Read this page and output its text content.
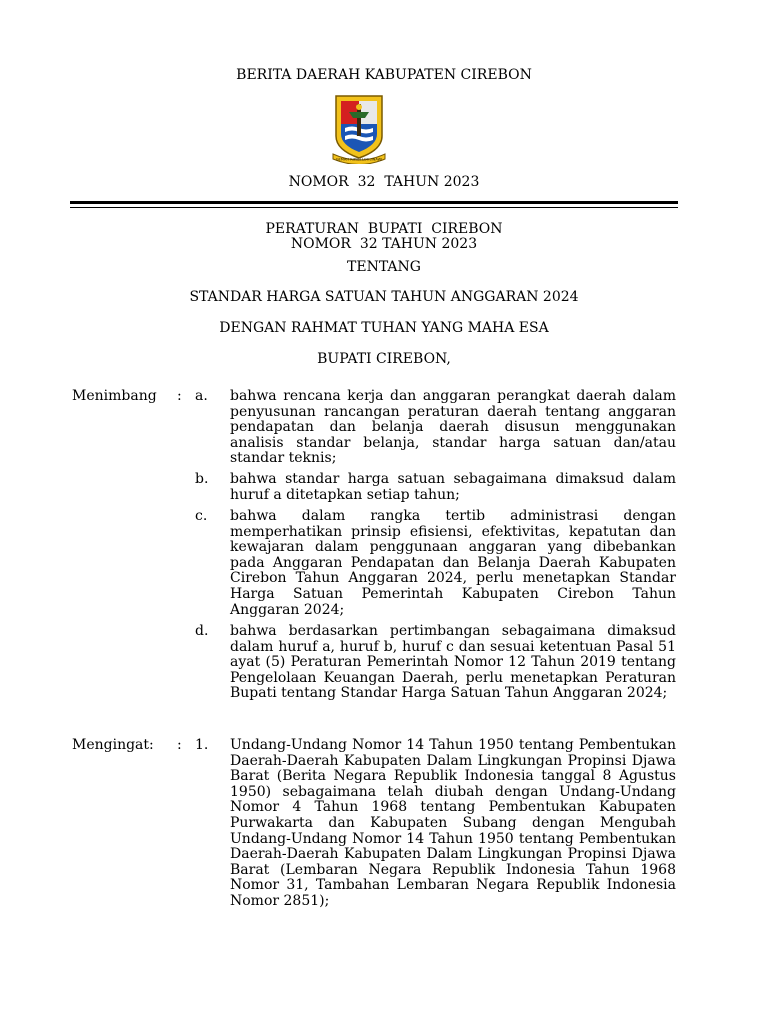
BERITA DAERAH KABUPATEN CIREBON
GEMAH RIPAH LOH JINAWI
NOMOR 32 TAHUN 2023
PERATURAN  BUPATI  CIREBON
NOMOR  32 TAHUN 2023
TENTANG
STANDAR HARGA SATUAN TAHUN ANGGARAN 2024
DENGAN RAHMAT TUHAN YANG MAHA ESA
BUPATI CIREBON,
Menimbang : a. bahwa rencana kerja dan anggaran perangkat daerah dalam penyusunan rancangan peraturan daerah tentang anggaran pendapatan dan belanja daerah disusun menggunakan analisis standar belanja, standar harga satuan dan/atau standar teknis;
b. bahwa standar harga satuan sebagaimana dimaksud dalam huruf a ditetapkan setiap tahun;
c. bahwa dalam rangka tertib administrasi dengan memperhatikan prinsip efisiensi, efektivitas, kepatutan dan kewajaran dalam penggunaan anggaran yang dibebankan pada Anggaran Pendapatan dan Belanja Daerah Kabupaten Cirebon Tahun Anggaran 2024, perlu menetapkan Standar Harga Satuan Pemerintah Kabupaten Cirebon Tahun Anggaran 2024;
d. bahwa berdasarkan pertimbangan sebagaimana dimaksud dalam huruf a, huruf b, huruf c dan sesuai ketentuan Pasal 51 ayat (5) Peraturan Pemerintah Nomor 12 Tahun 2019 tentang Pengelolaan Keuangan Daerah, perlu menetapkan Peraturan Bupati tentang Standar Harga Satuan Tahun Anggaran 2024;
Mengingat: : 1. Undang-Undang Nomor 14 Tahun 1950 tentang Pembentukan Daerah-Daerah Kabupaten Dalam Lingkungan Propinsi Djawa Barat (Berita Negara Republik Indonesia tanggal 8 Agustus 1950) sebagaimana telah diubah dengan Undang-Undang Nomor 4 Tahun 1968 tentang Pembentukan Kabupaten Purwakarta dan Kabupaten Subang dengan Mengubah Undang-Undang Nomor 14 Tahun 1950 tentang Pembentukan Daerah-Daerah Kabupaten Dalam Lingkungan Propinsi Djawa Barat (Lembaran Negara Republik Indonesia Tahun 1968 Nomor 31, Tambahan Lembaran Negara Republik Indonesia Nomor 2851);
